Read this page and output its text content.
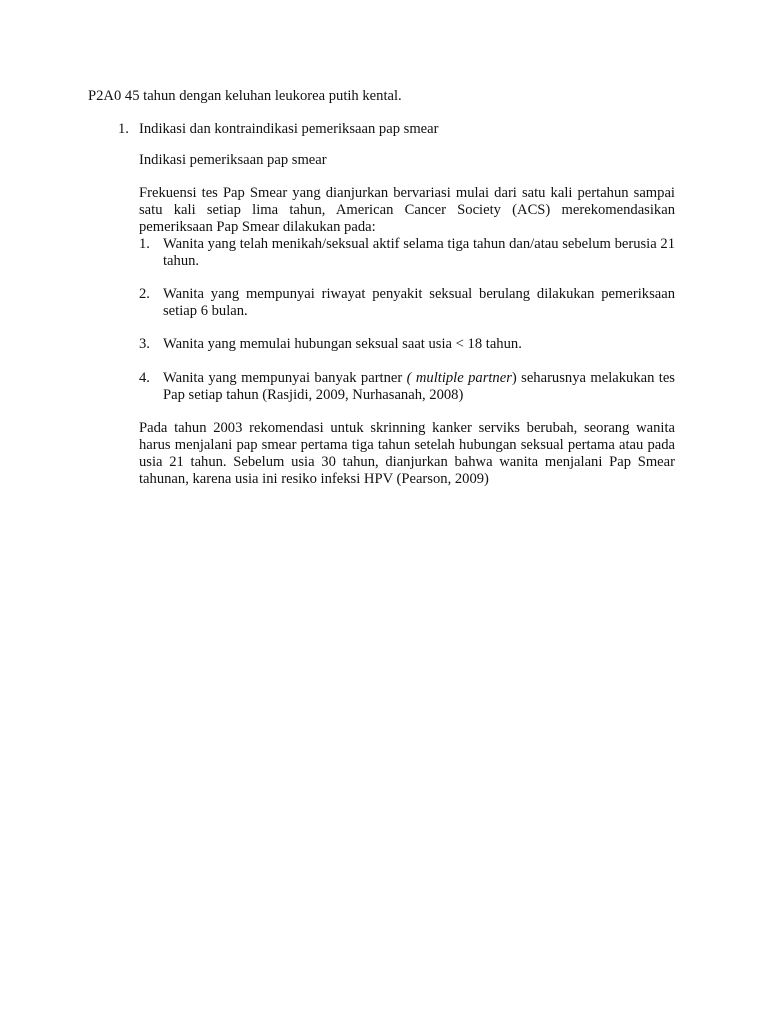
P2A0 45 tahun dengan keluhan leukorea putih kental.
1. Indikasi dan kontraindikasi pemeriksaan pap smear
Indikasi pemeriksaan pap smear
Frekuensi tes Pap Smear yang dianjurkan bervariasi mulai dari satu kali pertahun sampai satu kali setiap lima tahun, American Cancer Society (ACS) merekomendasikan pemeriksaan Pap Smear dilakukan pada:
1. Wanita yang telah menikah/seksual aktif selama tiga tahun dan/atau sebelum berusia 21 tahun.
2. Wanita yang mempunyai riwayat penyakit seksual berulang dilakukan pemeriksaan setiap 6 bulan.
3. Wanita yang memulai hubungan seksual saat usia < 18 tahun.
4. Wanita yang mempunyai banyak partner ( multiple partner) seharusnya melakukan tes Pap setiap tahun (Rasjidi, 2009, Nurhasanah, 2008)
Pada tahun 2003 rekomendasi untuk skrinning kanker serviks berubah, seorang wanita harus menjalani pap smear pertama tiga tahun setelah hubungan seksual pertama atau pada usia 21 tahun. Sebelum usia 30 tahun, dianjurkan bahwa wanita menjalani Pap Smear tahunan, karena usia ini resiko infeksi HPV (Pearson, 2009)
